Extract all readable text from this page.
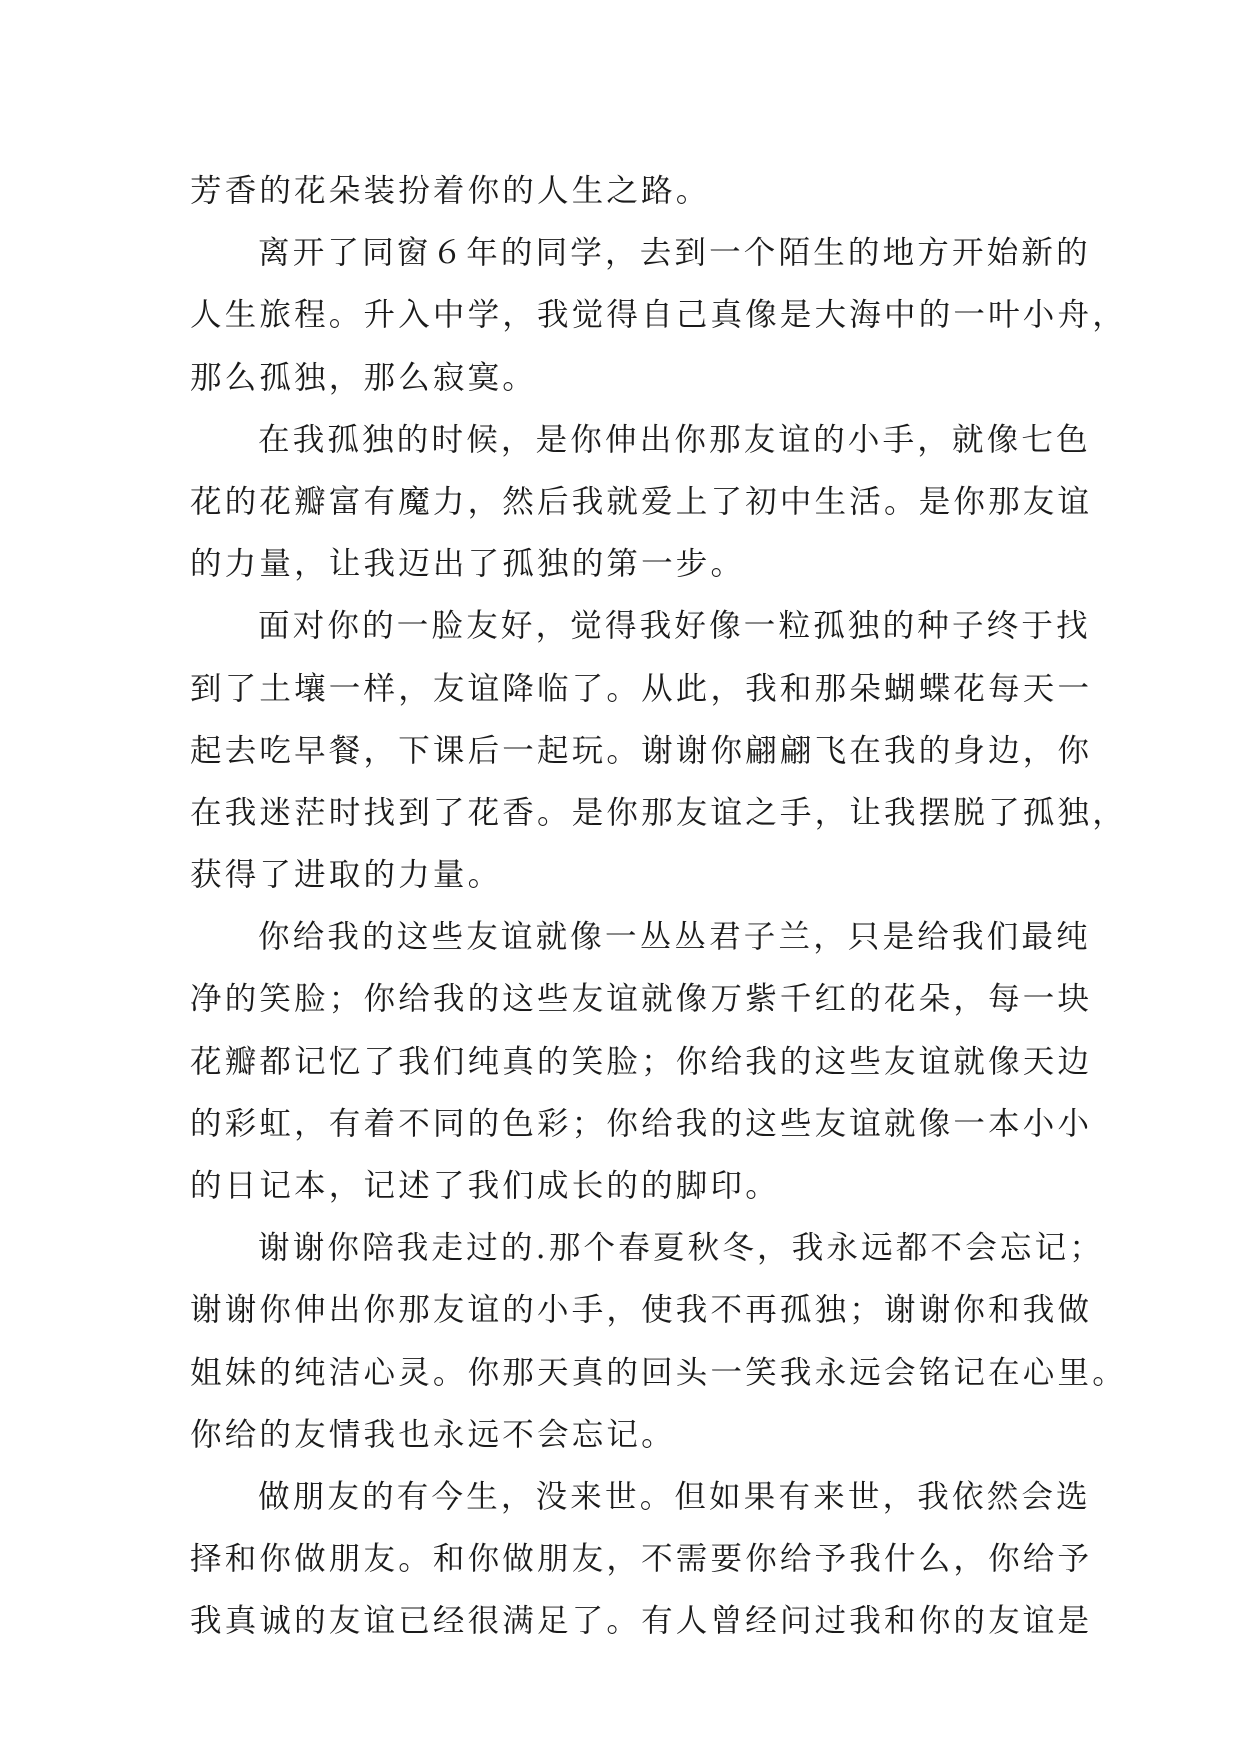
芳香的花朵装扮着你的人生之路。
离开了同窗６年的同学，去到一个陌生的地方开始新的
人生旅程。升入中学，我觉得自己真像是大海中的一叶小舟，
那么孤独，那么寂寞。
在我孤独的时候，是你伸出你那友谊的小手，就像七色
花的花瓣富有魔力，然后我就爱上了初中生活。是你那友谊
的力量，让我迈出了孤独的第一步。
面对你的一脸友好，觉得我好像一粒孤独的种子终于找
到了土壤一样，友谊降临了。从此，我和那朵蝴蝶花每天一
起去吃早餐，下课后一起玩。谢谢你翩翩飞在我的身边，你
在我迷茫时找到了花香。是你那友谊之手，让我摆脱了孤独，
获得了进取的力量。
你给我的这些友谊就像一丛丛君子兰，只是给我们最纯
净的笑脸；你给我的这些友谊就像万紫千红的花朵，每一块
花瓣都记忆了我们纯真的笑脸；你给我的这些友谊就像天边
的彩虹，有着不同的色彩；你给我的这些友谊就像一本小小
的日记本，记述了我们成长的的脚印。
谢谢你陪我走过的.那个春夏秋冬，我永远都不会忘记；
谢谢你伸出你那友谊的小手，使我不再孤独；谢谢你和我做
姐妹的纯洁心灵。你那天真的回头一笑我永远会铭记在心里。
你给的友情我也永远不会忘记。
做朋友的有今生，没来世。但如果有来世，我依然会选
择和你做朋友。和你做朋友，不需要你给予我什么，你给予
我真诚的友谊已经很满足了。有人曾经问过我和你的友谊是
